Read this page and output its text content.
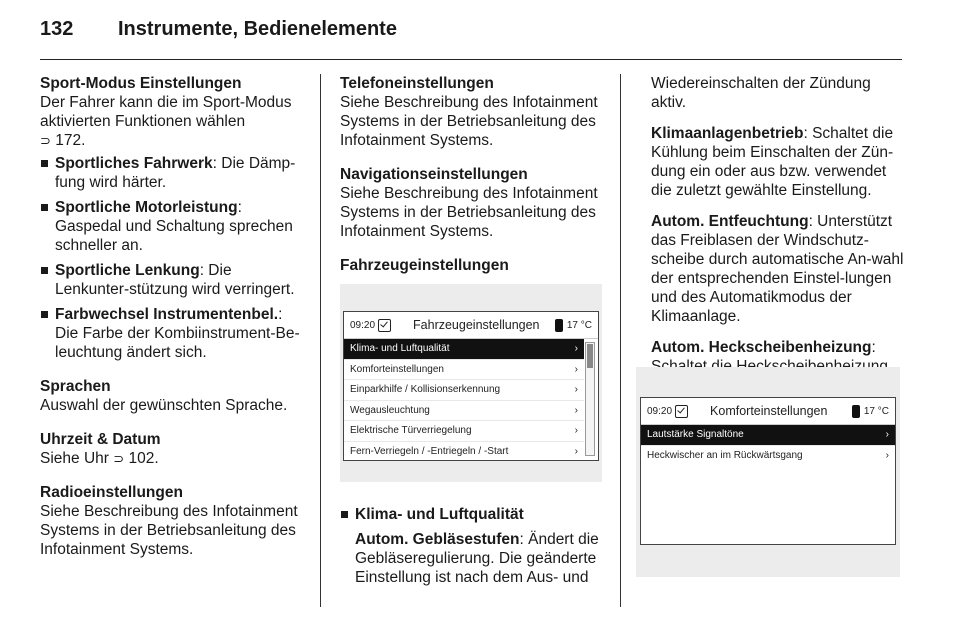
132 Instrumente, Bedienelemente
Sport-Modus Einstellungen
Der Fahrer kann die im Sport-Modus aktivierten Funktionen wählen
⊃ 172.
Sportliches Fahrwerk: Die Dämp-fung wird härter.
Sportliche Motorleistung: Gaspedal und Schaltung sprechen schneller an.
Sportliche Lenkung: Die Lenkunter-stützung wird verringert.
Farbwechsel Instrumentenbel.: Die Farbe der Kombiinstrument-Be-leuchtung ändert sich.
Sprachen
Auswahl der gewünschten Sprache.
Uhrzeit & Datum
Siehe Uhr ⊃ 102.
Radioeinstellungen
Siehe Beschreibung des Infotainment Systems in der Betriebsanleitung des Infotainment Systems.
Telefoneinstellungen
Siehe Beschreibung des Infotainment Systems in der Betriebsanleitung des Infotainment Systems.
Navigationseinstellungen
Siehe Beschreibung des Infotainment Systems in der Betriebsanleitung des Infotainment Systems.
Fahrzeugeinstellungen
09:20	Fahrzeugeinstellungen	17 °C
Klima- und Luftqualität	›
Komforteinstellungen	›
Einparkhilfe / Kollisionserkennung	›
Wegausleuchtung	›
Elektrische Türverriegelung	›
Fern-Verriegeln / -Entriegeln / -Start	›
Klima- und Luftqualität
Autom. Gebläsestufen: Ändert die Gebläseregulierung. Die geänderte Einstellung ist nach dem Aus- und

Wiedereinschalten der Zündung aktiv.

Klimaanlagenbetrieb: Schaltet die Kühlung beim Einschalten der Zün-dung ein oder aus bzw. verwendet die zuletzt gewählte Einstellung.

Autom. Entfeuchtung: Unterstützt das Freiblasen der Windschutz-scheibe durch automatische An-wahl der entsprechenden Einstel-lungen und des Automatikmodus der Klimaanlage.

Autom. Heckscheibenheizung:

09:20	Komforteinstellungen	17 °C
Lautstärke Signaltöne	›
Heckwischer an im Rückwärtsgang	›
